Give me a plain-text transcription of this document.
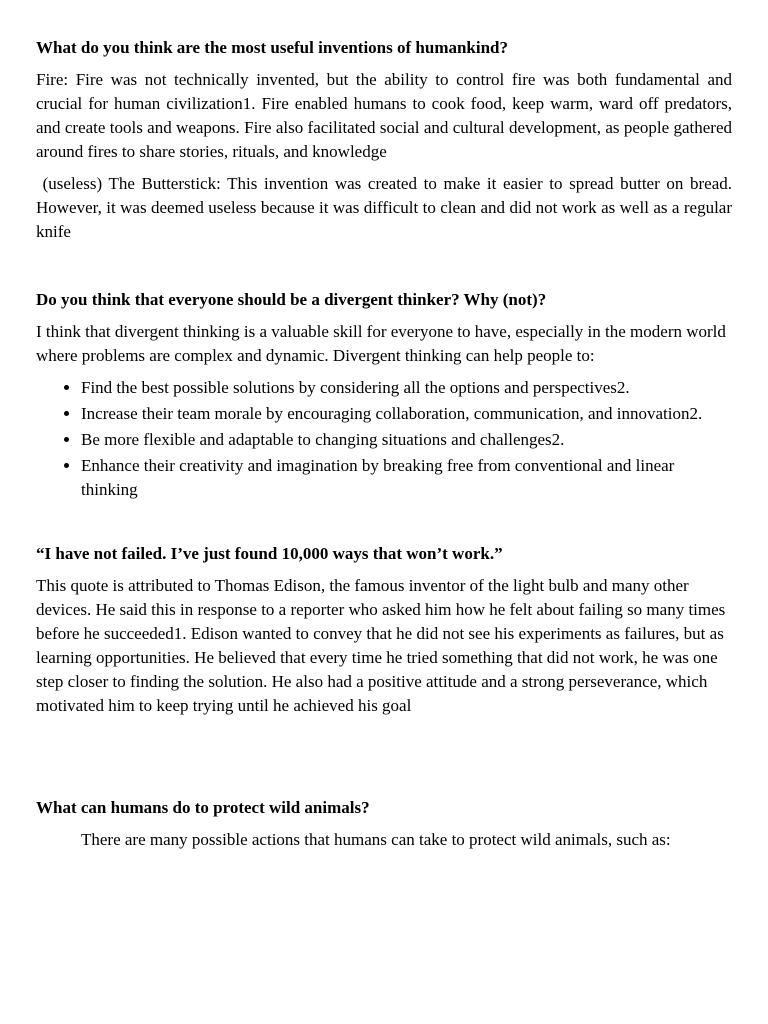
What do you think are the most useful inventions of humankind?

Fire: Fire was not technically invented, but the ability to control fire was both fundamental and crucial for human civilization1. Fire enabled humans to cook food, keep warm, ward off predators, and create tools and weapons. Fire also facilitated social and cultural development, as people gathered around fires to share stories, rituals, and knowledge

(useless) The Butterstick: This invention was created to make it easier to spread butter on bread. However, it was deemed useless because it was difficult to clean and did not work as well as a regular knife

Do you think that everyone should be a divergent thinker? Why (not)?

I think that divergent thinking is a valuable skill for everyone to have, especially in the modern world where problems are complex and dynamic. Divergent thinking can help people to:

• Find the best possible solutions by considering all the options and perspectives2.
• Increase their team morale by encouraging collaboration, communication, and innovation2.
• Be more flexible and adaptable to changing situations and challenges2.
• Enhance their creativity and imagination by breaking free from conventional and linear thinking
“I have not failed. I’ve just found 10,000 ways that won’t work.”

This quote is attributed to Thomas Edison, the famous inventor of the light bulb and many other devices. He said this in response to a reporter who asked him how he felt about failing so many times before he succeeded1. Edison wanted to convey that he did not see his experiments as failures, but as learning opportunities. He believed that every time he tried something that did not work, he was one step closer to finding the solution. He also had a positive attitude and a strong perseverance, which motivated him to keep trying until he achieved his goal

What can humans do to protect wild animals?

There are many possible actions that humans can take to protect wild animals, such as:
